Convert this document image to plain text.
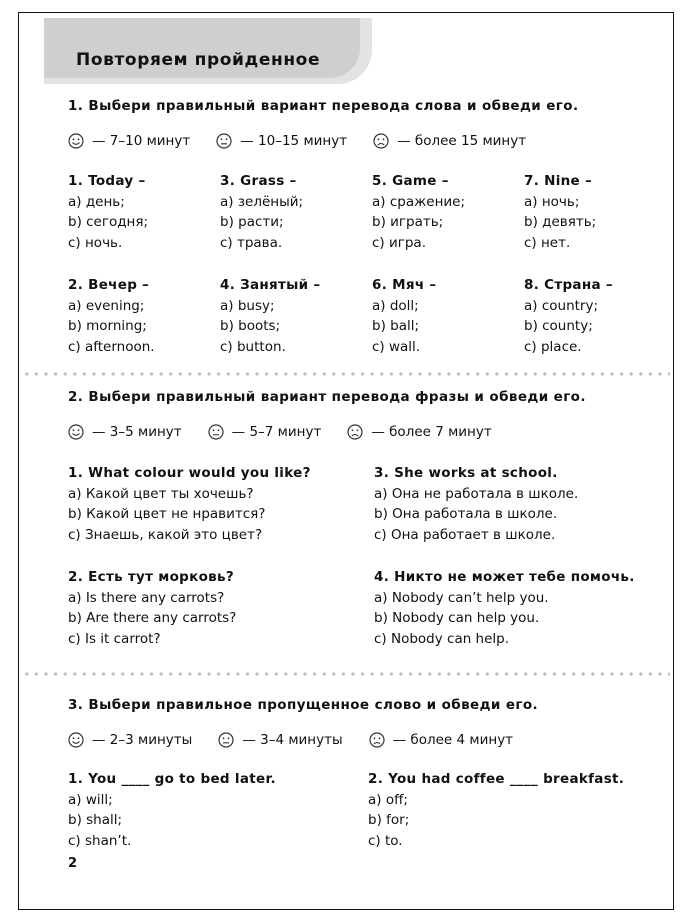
Повторяем пройденное
1. Выбери правильный вариант перевода слова и обведи его.
— 7–10 минут	— 10–15 минут	— более 15 минут
1. Today –
a) день;
b) сегодня;
c) ночь.
3. Grass –
a) зелёный;
b) расти;
c) трава.
5. Game –
a) сражение;
b) играть;
c) игра.
7. Nine –
a) ночь;
b) девять;
c) нет.
2. Вечер –
a) evening;
b) morning;
c) afternoon.
4. Занятый –
a) busy;
b) boots;
c) button.
6. Мяч –
a) doll;
b) ball;
c) wall.
8. Страна –
a) country;
b) county;
c) place.
2. Выбери правильный вариант перевода фразы и обведи его.
— 3–5 минут	— 5–7 минут	— более 7 минут
1. What colour would you like?
a) Какой цвет ты хочешь?
b) Какой цвет не нравится?
c) Знаешь, какой это цвет?
3. She works at school.
a) Она не работала в школе.
b) Она работала в школе.
c) Она работает в школе.
2. Есть тут морковь?
a) Is there any carrots?
b) Are there any carrots?
c) Is it carrot?
4. Никто не может тебе помочь.
a) Nobody can’t help you.
b) Nobody can help you.
c) Nobody can help.
3. Выбери правильное пропущенное слово и обведи его.
— 2–3 минуты	— 3–4 минуты	— более 4 минут
1. You ____ go to bed later.
a) will;
b) shall;
c) shan’t.
2. You had coffee ____ breakfast.
a) off;
b) for;
c) to.
2
